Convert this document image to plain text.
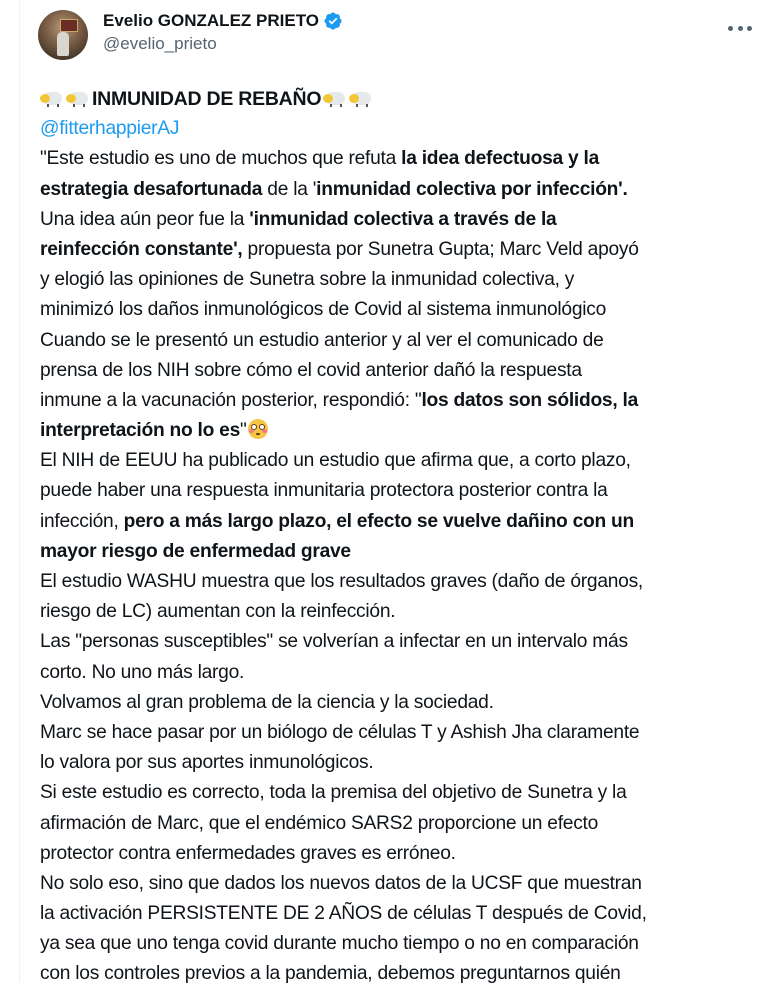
Evelio GONZALEZ PRIETO
@evelio_prieto
INMUNIDAD DE REBAÑO
@fitterhappierAJ
"Este estudio es uno de muchos que refuta la idea defectuosa y la
estrategia desafortunada de la 'inmunidad colectiva por infección'.
Una idea aún peor fue la 'inmunidad colectiva a través de la
reinfección constante', propuesta por Sunetra Gupta; Marc Veld apoyó
y elogió las opiniones de Sunetra sobre la inmunidad colectiva, y
minimizó los daños inmunológicos de Covid al sistema inmunológico
Cuando se le presentó un estudio anterior y al ver el comunicado de
prensa de los NIH sobre cómo el covid anterior dañó la respuesta
inmune a la vacunación posterior, respondió: "los datos son sólidos, la
interpretación no lo es"
El NIH de EEUU ha publicado un estudio que afirma que, a corto plazo,
puede haber una respuesta inmunitaria protectora posterior contra la
infección, pero a más largo plazo, el efecto se vuelve dañino con un
mayor riesgo de enfermedad grave
El estudio WASHU muestra que los resultados graves (daño de órganos,
riesgo de LC) aumentan con la reinfección.
Las "personas susceptibles" se volverían a infectar en un intervalo más
corto. No uno más largo.
Volvamos al gran problema de la ciencia y la sociedad.
Marc se hace pasar por un biólogo de células T y Ashish Jha claramente
lo valora por sus aportes inmunológicos.
Si este estudio es correcto, toda la premisa del objetivo de Sunetra y la
afirmación de Marc, que el endémico SARS2 proporcione un efecto
protector contra enfermedades graves es erróneo.
No solo eso, sino que dados los nuevos datos de la UCSF que muestran
la activación PERSISTENTE DE 2 AÑOS de células T después de Covid,
ya sea que uno tenga covid durante mucho tiempo o no en comparación
con los controles previos a la pandemia, debemos preguntarnos quién
